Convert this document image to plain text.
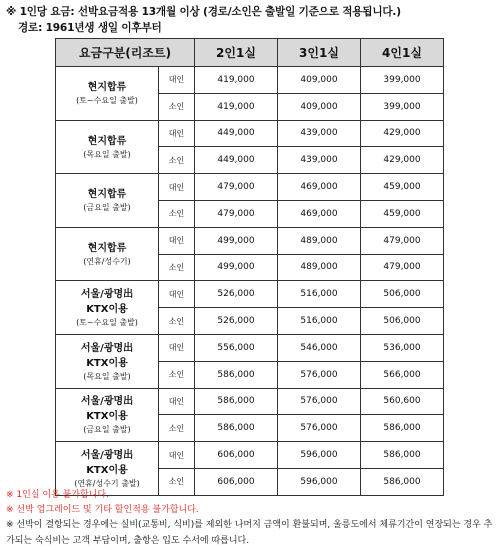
※ 1인당 요금: 선박요금적용 13개월 이상 (경로/소인은 출발일 기준으로 적용됩니다.)
경로: 1961년생 생일 이후부터
요금구분(리조트)		2인1실	3인1실	4인1실

현지합류
(토~수요일 출발)	대인	419,000	409,000	399,000
	소인	419,000	409,000	399,000

현지합류
(목요일 출발)	대인	449,000	439,000	429,000
	소인	449,000	439,000	429,000

현지합류
(금요일 출발)	대인	479,000	469,000	459,000
	소인	479,000	469,000	459,000

현지합류
(연휴/성수기)	대인	499,000	489,000	479,000
	소인	499,000	489,000	479,000

서울/광명出
KTX이용
(토~수요일 출발)	대인	526,000	516,000	506,000
	소인	526,000	516,000	506,000

서울/광명出
KTX이용
(목요일 출발)	대인	556,000	546,000	536,000
	소인	586,000	576,000	566,000

서울/광명出
KTX이용
(금요일 출발)	대인	586,000	576,000	560,600
	소인	586,000	576,000	586,000

서울/광명出
KTX이용
(연휴/성수기 출발)	대인	606,000	596,000	586,000
	소인	606,000	596,000	586,000
※ 1인실 이용 불가합니다.
※ 선박 업그레이드 및 기타 할인적용 불가합니다.
※ 선박이 결항되는 경우에는 실비(교통비, 식비)를 제외한 나머지 금액이 환불되며, 울릉도에서 체류기간이 연장되는 경우 추가되는 숙식비는 고객 부담이며, 출항은 입도 수서에 따릅니다.
